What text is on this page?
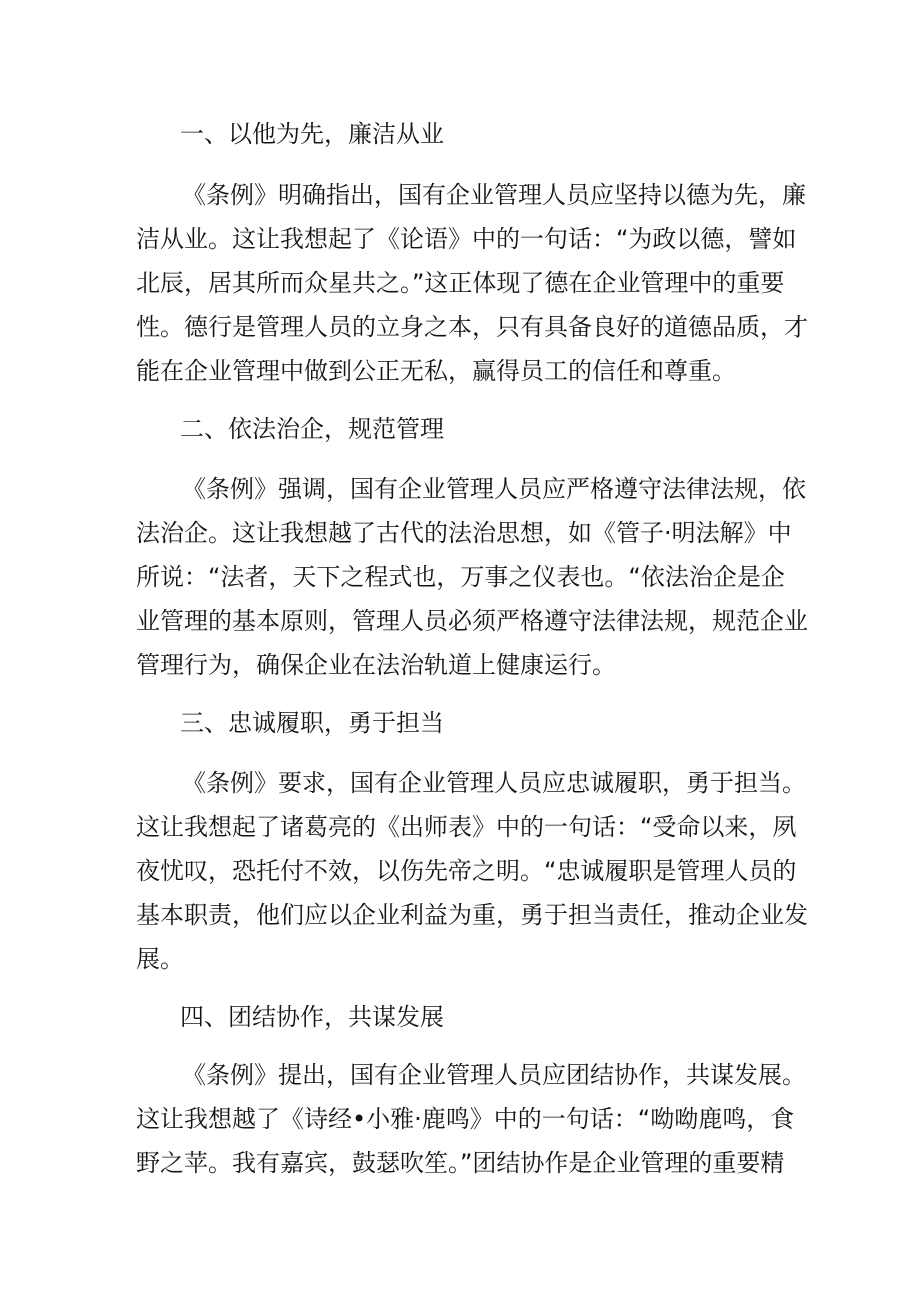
一、以他为先，廉洁从业
《条例》明确指出，国有企业管理人员应坚持以德为先，廉
洁从业。这让我想起了《论语》中的一句话：“为政以德，譬如
北辰，居其所而众星共之。”这正体现了德在企业管理中的重要
性。德行是管理人员的立身之本，只有具备良好的道德品质，才
能在企业管理中做到公正无私，赢得员工的信任和尊重。
二、依法治企，规范管理
《条例》强调，国有企业管理人员应严格遵守法律法规，依
法治企。这让我想越了古代的法治思想，如《管子·明法解》中
所说：“法者，天下之程式也，万事之仪表也。“依法治企是企
业管理的基本原则，管理人员必须严格遵守法律法规，规范企业
管理行为，确保企业在法治轨道上健康运行。
三、忠诚履职，勇于担当
《条例》要求，国有企业管理人员应忠诚履职，勇于担当。
这让我想起了诸葛亮的《出师表》中的一句话：“受命以来，夙
夜忧叹，恐托付不效，以伤先帝之明。“忠诚履职是管理人员的
基本职责，他们应以企业利益为重，勇于担当责任，推动企业发
展。
四、团结协作，共谋发展
《条例》提出，国有企业管理人员应团结协作，共谋发展。
这让我想越了《诗经•小雅·鹿鸣》中的一句话：“呦呦鹿鸣，食
野之苹。我有嘉宾，鼓瑟吹笙。”团结协作是企业管理的重要精
